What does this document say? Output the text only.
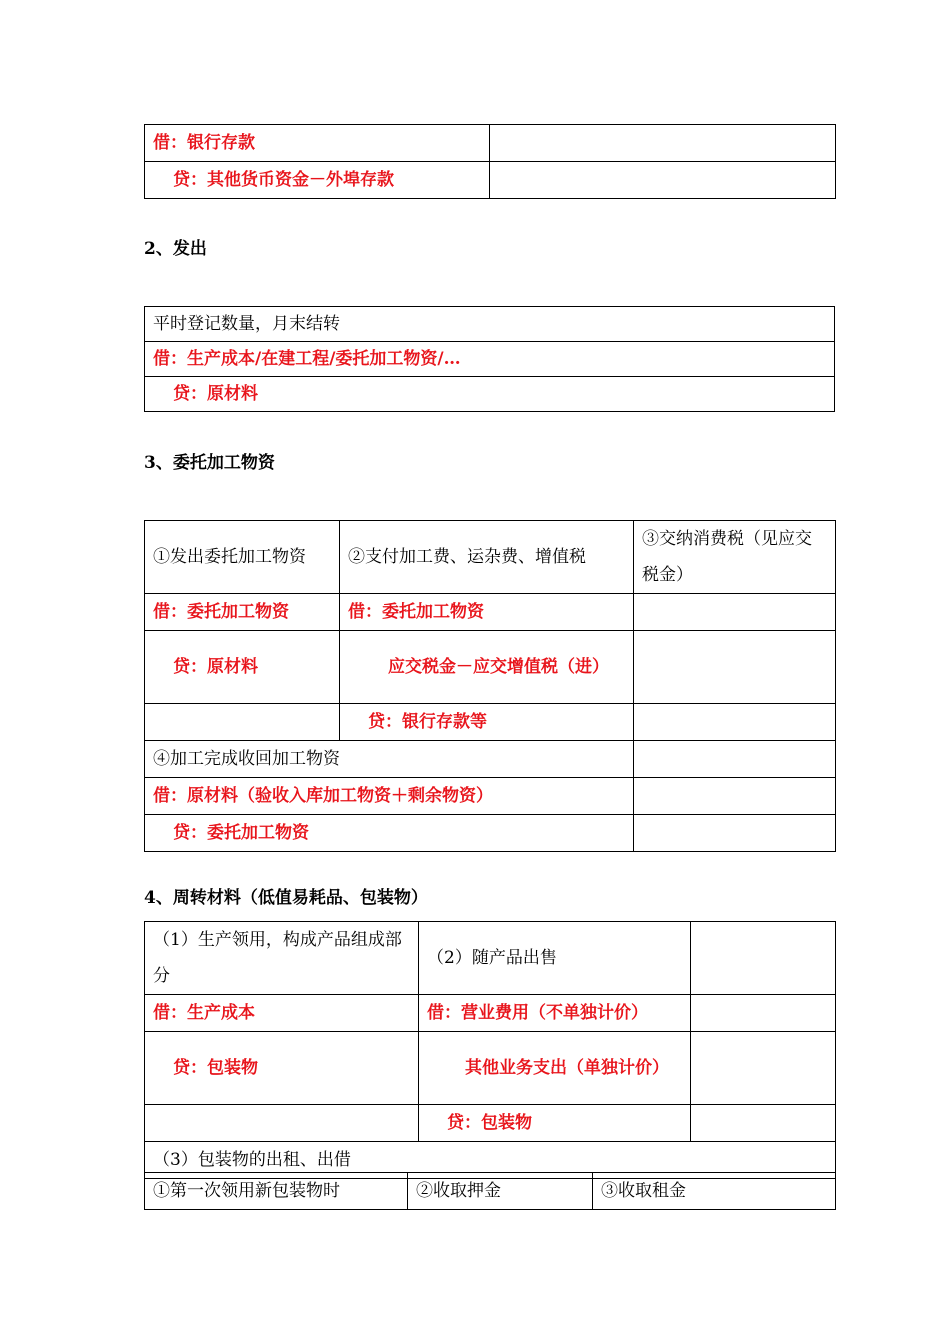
借：银行存款	
贷：其他货币资金－外埠存款	

2、发出

平时登记数量，月末结转
借：生产成本/在建工程/委托加工物资/…
贷：原材料

3、委托加工物资

①发出委托加工物资	②支付加工费、运杂费、增值税	③交纳消费税（见应交税金）
借：委托加工物资	借：委托加工物资	
贷：原材料	应交税金－应交增值税（进）	
	贷：银行存款等	
④加工完成收回加工物资		
借：原材料（验收入库加工物资＋剩余物资）		
贷：委托加工物资		

4、周转材料（低值易耗品、包装物）

（1）生产领用，构成产品组成部分	（2）随产品出售	
借：生产成本	借：营业费用（不单独计价）	
贷：包装物	其他业务支出（单独计价）	
	贷：包装物	
（3）包装物的出租、出借		
①第一次领用新包装物时	②收取押金	③收取租金
